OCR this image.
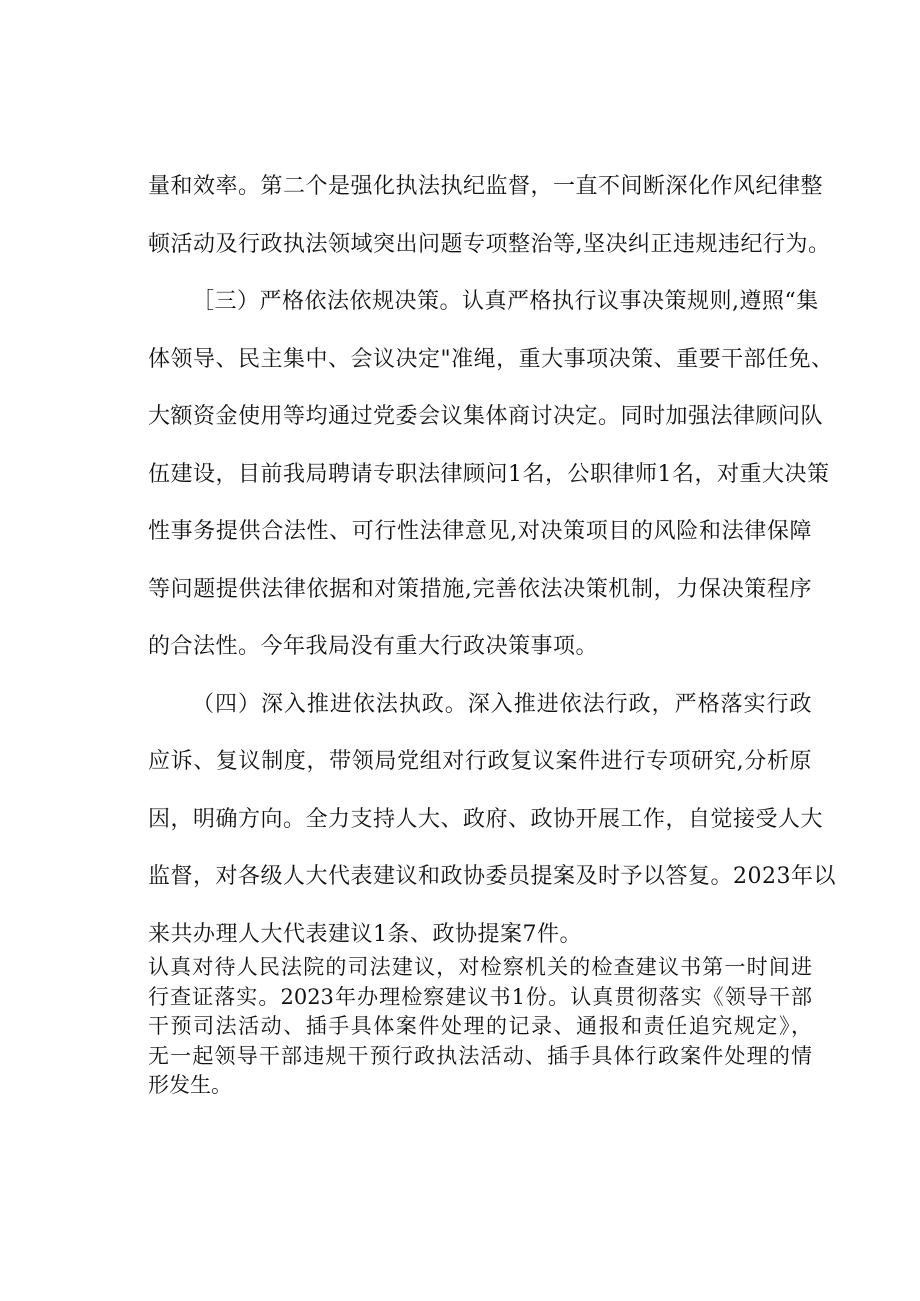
量和效率。第二个是强化执法执纪监督，一直不间断深化作风纪律整
顿活动及行政执法领域突出问题专项整治等,坚决纠正违规违纪行为。
［三）严格依法依规决策。认真严格执行议事决策规则,遵照“集
体领导、民主集中、会议决定"准绳，重大事项决策、重要干部任免、
大额资金使用等均通过党委会议集体商讨决定。同时加强法律顾问队
伍建设，目前我局聘请专职法律顾问1名，公职律师1名，对重大决策
性事务提供合法性、可行性法律意见,对决策项目的风险和法律保障
等问题提供法律依据和对策措施,完善依法决策机制，力保决策程序
的合法性。今年我局没有重大行政决策事项。
（四）深入推进依法执政。深入推进依法行政，严格落实行政
应诉、复议制度，带领局党组对行政复议案件进行专项研究,分析原
因，明确方向。全力支持人大、政府、政协开展工作，自觉接受人大
监督，对各级人大代表建议和政协委员提案及时予以答复。2023年以
来共办理人大代表建议1条、政协提案7件。
认真对待人民法院的司法建议，对检察机关的检查建议书第一时间进
行查证落实。2023年办理检察建议书1份。认真贯彻落实《领导干部
干预司法活动、插手具体案件处理的记录、通报和责任追究规定》，
无一起领导干部违规干预行政执法活动、插手具体行政案件处理的情
形发生。
